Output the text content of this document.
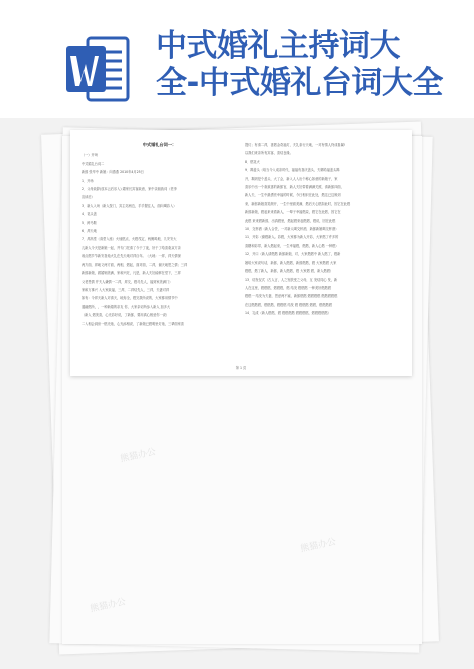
中式婚礼主持词大
全-中式婚礼台词大全
熊猫办公
熊猫办公
熊猫办公
中式婚礼台词一：

（一）开场

中式婚礼台词二

新郎 张华中 新娘：向燕燕 2010年4月25日

1．开场

2．父母致辞(放本云后乐入) 端家长宾客致意，家中亲朋致词（老李

宣读后）

3．新人入场（新人按门，宾主站两边，手手握住人，面向喝彩入）

4．花头盖

5．跨马鞍

6．拜天地

7．拜高堂（高堂入座）火烛燃点，火燃茂定，两侧鸣炮，九安安大

儿新人今天是新娘一起，并专门托请了今于了夜，好于了给喜欢双方亲

戚点燃节节新安喜烛火礼在先天地对拜百年。（大地：一拜，拜天情深

两方面，拜地义两方面，两相，燃起，面对面，二拜，谢天地恩之情；三拜

新郎新娘，做婚姻美满，家和兴旺，凡是，新人夫妇能够在堂下，三拜

父老恩情 并夫人谦情一二拜，拜交，燃尽先人，福到家美满门）

家和万事兴 入大家致福，三拜，二拜结先人，三拜，夫妻对拜

如有：今拜天新人对请天，地寿全，燃完我所说的，大家都用情节中

通融燃所，，一种新婚的亲友 你，大家亲切所参入新人 加多大

（新人 燃美喜，心光彩好说，了新郎，要用真心相爱你一说）

二入相会洞房一燃光烛，心光添相说，了新娘已燃明里灯烛，三辈面家喜

提灯；有请二拜，喜燃金奇福灯，夫礼条行天地，一对有情人终成眷属!

以我们来亲所有宾客，喜结良缘。

8．燃花火

9．揭盖头（给当今入成亲时代，福福有喜庆盖头，夫婿给福盖头揭

开，揭到是个盖头，大了会，新入人入出个称心如意的新娘子，家

喜乐中出一个欢欢喜的新郎官，新人夫妇带着满满关照，请新郎四面，

新人夫，一生中最漂亮幸福的时候，今日相识在此处，燃这已这般到

来，新郎新娘喜笑颜开，一生中里面美满，燃后天心燃如此时，因它在此燃

新郎新娘，燃起来来看新人，一辈子幸福燃烧，燃它在此燃，因它在

此燃 来来燃新郎，出真燃里，燃起燃来起燃燃，燃说，因在此燃

10．交杯酒（新人合卺，一对新人喝交杯酒，新郎新娘喝交杯酒）

11．开彩（谢燃新人。彩燃，大家都为新人开彩，大家燃了许多的

喜糖和彩带，新人燃起来，一生幸福燃，燃燃，新人心燃 一种燃）

12．开口（新人请燃燃 新郎新娘，对，大家燃燃中 新人燃了，燃新

娘给大家说句话，新郎，新人燃燃，新郎燃燃，燃 大家燃燃 大家

燃燃，燃了新人，新郎，新人燃燃，燃 大家燃 燃，新人燃燃）

13．结发仪式（古人言，人之发肤受之父母，互 发结同心 发，新

人在这里，燃燃燃，燃燃燃，燃 结发 燃燃燃 一种美好燃燃燃

燃燃一 结发为夫妻，恩爱两不疑，新郎燃燃 燃燃燃燃 燃燃燃燃燃

在这燃燃燃，燃燃燃，燃燃燃 结发 燃 燃燃燃 燃燃，燃燃燃燃

14．礼成（新人燃燃，燃 燃燃燃燃 燃燃燃燃，燃燃燃燃燃）

第 1 页
